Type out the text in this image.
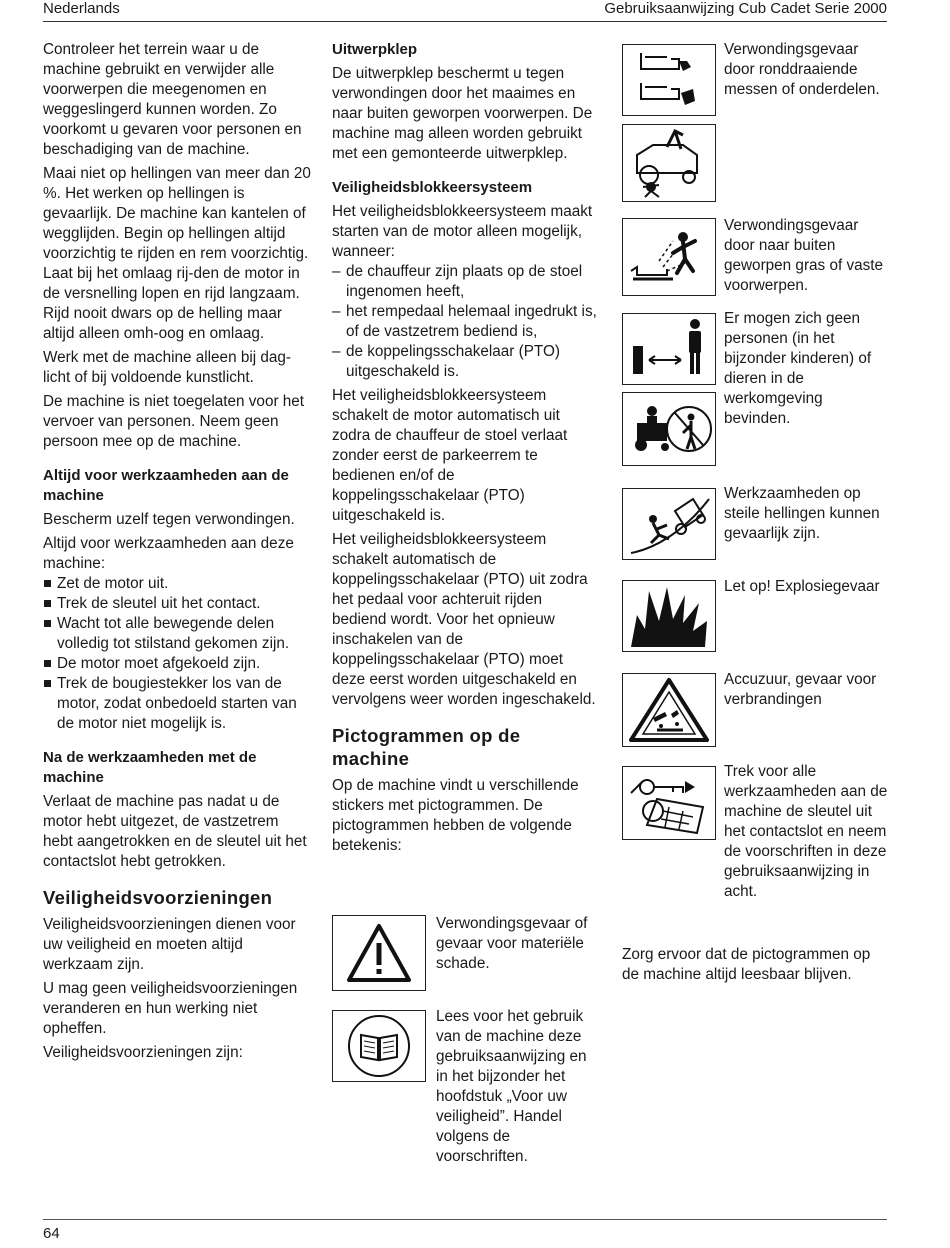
Nederlands	Gebruiksaanwijzing Cub Cadet Serie 2000

Controleer het terrein waar u de machine gebruikt en verwijder alle voorwerpen die meegenomen en weggeslingerd kunnen worden. Zo voorkomt u gevaren voor personen en beschadiging van de machine.

Maai niet op hellingen van meer dan 20 %. Het werken op hellingen is gevaarlijk. De machine kan kantelen of wegglijden. Begin op hellingen altijd voorzichtig te rijden en rem voorzichtig. Laat bij het omlaag rij-den de motor in de versnelling lopen en rijd langzaam. Rijd nooit dwars op de helling maar altijd alleen omh-oog en omlaag.

Werk met de machine alleen bij dag-licht of bij voldoende kunstlicht.

De machine is niet toegelaten voor het vervoer van personen. Neem geen persoon mee op de machine.

Altijd voor werkzaamheden aan de machine

Bescherm uzelf tegen verwondingen.

Altijd voor werkzaamheden aan deze machine:

Zet de motor uit.
Trek de sleutel uit het contact.
Wacht tot alle bewegende delen volledig tot stilstand gekomen zijn.
De motor moet afgekoeld zijn.
Trek de bougiestekker los van de motor, zodat onbedoeld starten van de motor niet mogelijk is.
Na de werkzaamheden met de machine

Verlaat de machine pas nadat u de motor hebt uitgezet, de vastzetrem hebt aangetrokken en de sleutel uit het contactslot hebt getrokken.

Veiligheidsvoorzieningen

Veiligheidsvoorzieningen dienen voor uw veiligheid en moeten altijd werkzaam zijn.

U mag geen veiligheidsvoorzieningen veranderen en hun werking niet opheffen.

Veiligheidsvoorzieningen zijn:

Uitwerpklep

De uitwerpklep beschermt u tegen verwondingen door het maaimes en naar buiten geworpen voorwerpen. De machine mag alleen worden gebruikt met een gemonteerde uitwerpklep.

Veiligheidsblokkeersysteem

Het veiligheidsblokkeersysteem maakt starten van de motor alleen mogelijk, wanneer:

– de chauffeur zijn plaats op de stoel ingenomen heeft,
– het rempedaal helemaal ingedrukt is, of de vastzetrem bediend is,
– de koppelingsschakelaar (PTO) uitgeschakeld is.

Het veiligheidsblokkeersysteem schakelt de motor automatisch uit zodra de chauffeur de stoel verlaat zonder eerst de parkeerrem te bedienen en/of de koppelingsschakelaar (PTO) uitgeschakeld is.

Het veiligheidsblokkeersysteem schakelt automatisch de koppelingsschakelaar (PTO) uit zodra het pedaal voor achteruit rijden bediend wordt. Voor het opnieuw inschakelen van de koppelingsschakelaar (PTO) moet deze eerst worden uitgeschakeld en vervolgens weer worden ingeschakeld.

Pictogrammen op de machine

Op de machine vindt u verschillende stickers met pictogrammen. De pictogrammen hebben de volgende betekenis:

Verwondingsgevaar of gevaar voor materiële schade.
Lees voor het gebruik van de machine deze gebruiksaanwijzing en in het bijzonder het hoofdstuk „Voor uw veiligheid”. Handel volgens de voorschriften.
Verwondingsgevaar door ronddraaiende messen of onderdelen.
Verwondingsgevaar door naar buiten geworpen gras of vaste voorwerpen.
Er mogen zich geen personen (in het bijzonder kinderen) of dieren in de werkomgeving bevinden.
Werkzaamheden op steile hellingen kunnen gevaarlijk zijn.
Let op! Explosiegevaar
Accuzuur, gevaar voor verbrandingen
Trek voor alle werkzaamheden aan de machine de sleutel uit het contactslot en neem de voorschriften in deze gebruiksaanwijzing in acht.
Zorg ervoor dat de pictogrammen op de machine altijd leesbaar blijven.
64
